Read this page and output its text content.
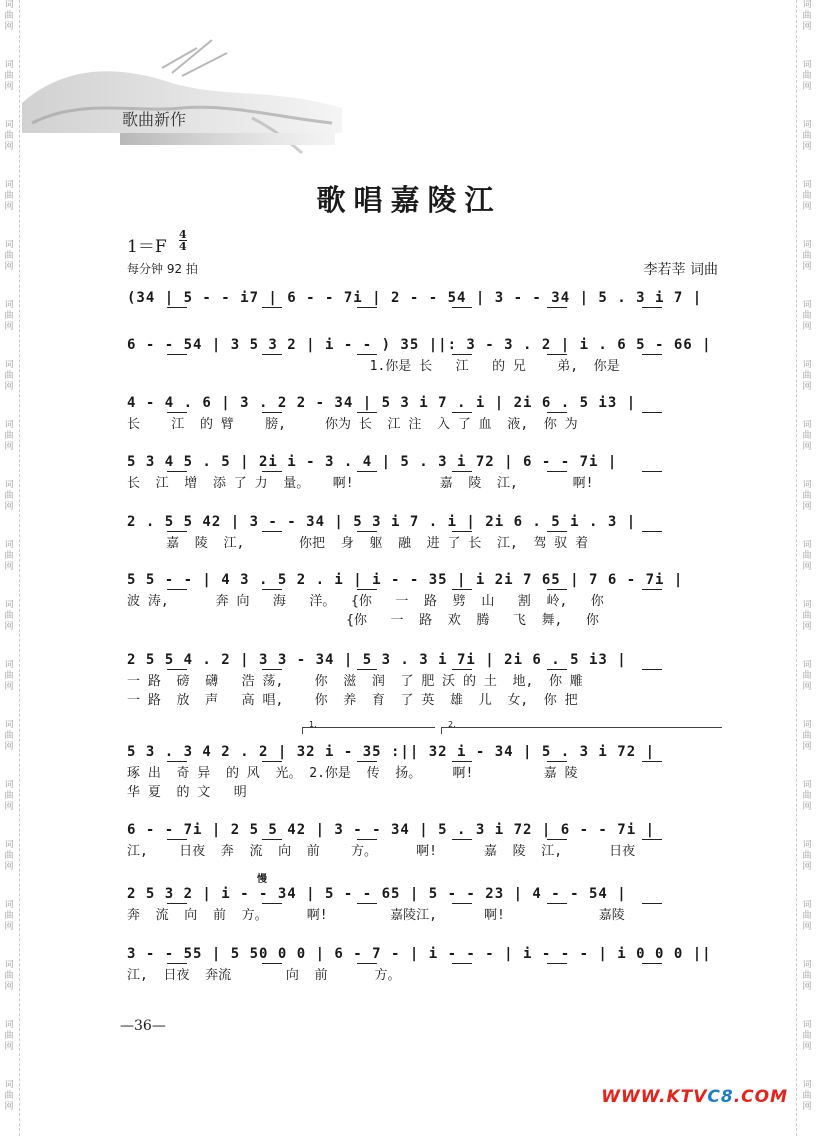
词
曲
网
词
曲
网
词
曲
网
词
曲
网
词
曲
网
词
曲
网
词
曲
网
词
曲
网
词
曲
网
词
曲
网
词
曲
网
词
曲
网
词
曲
网
词
曲
网
词
曲
网
词
曲
网
词
曲
网
词
曲
网
词
曲
网
词
曲
网
词
曲
网
词
曲
网
词
曲
网
词
曲
网
词
曲
网
词
曲
网
词
曲
网
词
曲
网
词
曲
网
词
曲
网
词
曲
网
词
曲
网
词
曲
网
词
曲
网
词
曲
网
词
曲
网
词
曲
网
词
曲
网
歌曲新作
歌唱嘉陵江
1＝F
4
4
每分钟 92 拍	李若莘 词曲
(34 | 5 - - i7 | 6 - - 7i | 2 - - 54 | 3 - - 34 | 5 . 3 i 7 |
6 - - 54 | 3 5 3 2 | i - - ) 35 ||: 3 - 3 . 2 | i . 6 5 - 66 |
1.你是 长   江   的 兄    弟,  你是
4 - 4 . 6 | 3 . 2 2 - 34 | 5 3 i 7 . i | 2i 6 . 5 i3 |
长    江  的 臂    膀,     你为 长  江 注  入 了 血  液,  你 为
5 3 4 5 . 5 | 2i i - 3 . 4 | 5 . 3 i 72 | 6 - - 7i |
长  江  增  添 了 力  量。   啊!           嘉  陵  江,       啊!
2 . 5 5 42 | 3 - - 34 | 5 3 i 7 . i | 2i 6 . 5 i . 3 |
嘉  陵  江,       你把  身  躯  融  进 了 长  江,  驾 驭 着
5 5 - - | 4 3 . 5 2 . i | i - - 35 | i 2i 7 65 | 7 6 - 7i |
波 涛,      奔 向   海   洋。  {你   一  路  劈  山   割  岭,   你
{你   一  路  欢  腾   飞  舞,   你
2 5 5 4 . 2 | 3 3 - 34 | 5 3 . 3 i 7i | 2i 6 . 5 i3 |
一 路  磅  礴   浩 荡,    你  滋  润  了 肥 沃 的 土  地,  你 雕
一 路  放  声   高 唱,    你  养  育  了 英  雄  儿  女,  你 把
5 3 . 3 4 2 . 2 | 32 i - 35 :|| 32 i - 34 | 5 . 3 i 72 |
琢 出  奇 异  的 风  光。 2.你是  传  扬。    啊!         嘉 陵
华 夏  的 文   明
6 - - 7i | 2 5 5 42 | 3 - - 34 | 5 . 3 i 72 | 6 - - 7i |
江,    日夜  奔  流  向  前    方。     啊!      嘉  陵  江,      日夜
2 5 3 2 | i - - 34 | 5 - - 65 | 5 - - 23 | 4 - - 54 |
奔  流  向  前  方。     啊!        嘉陵江,      啊!            嘉陵
3 - - 55 | 5 50 0 0 | 6 - 7 - | i - - - | i - - - | i 0 0 0 ||
江,  日夜  奔流       向  前      方。
1.	2.
慢
—36—
WWW.KTVC8.COM
